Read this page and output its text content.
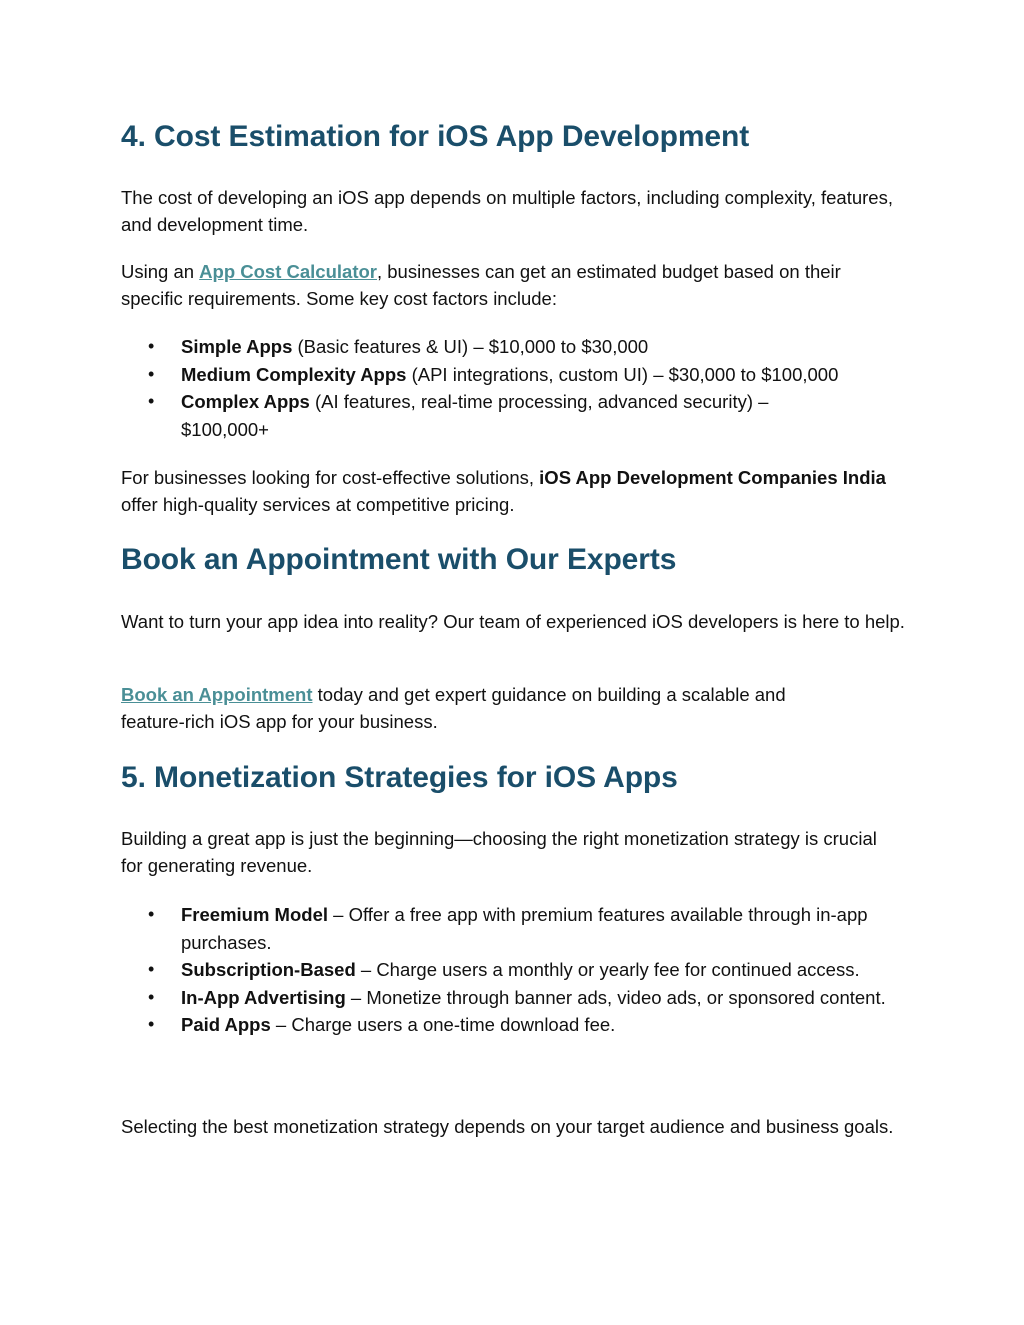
4. Cost Estimation for iOS App Development

The cost of developing an iOS app depends on multiple factors, including complexity, features, and development time.

Using an App Cost Calculator, businesses can get an estimated budget based on their specific requirements. Some key cost factors include:

• Simple Apps (Basic features & UI) – $10,000 to $30,000
• Medium Complexity Apps (API integrations, custom UI) – $30,000 to $100,000
• Complex Apps (AI features, real-time processing, advanced security) – $100,000+

For businesses looking for cost-effective solutions, iOS App Development Companies India offer high-quality services at competitive pricing.

Book an Appointment with Our Experts

Want to turn your app idea into reality? Our team of experienced iOS developers is here to help.

Book an Appointment today and get expert guidance on building a scalable and feature-rich iOS app for your business.

5. Monetization Strategies for iOS Apps

Building a great app is just the beginning—choosing the right monetization strategy is crucial for generating revenue.

• Freemium Model – Offer a free app with premium features available through in-app purchases.
• Subscription-Based – Charge users a monthly or yearly fee for continued access.
• In-App Advertising – Monetize through banner ads, video ads, or sponsored content.
• Paid Apps – Charge users a one-time download fee.

Selecting the best monetization strategy depends on your target audience and business goals.
